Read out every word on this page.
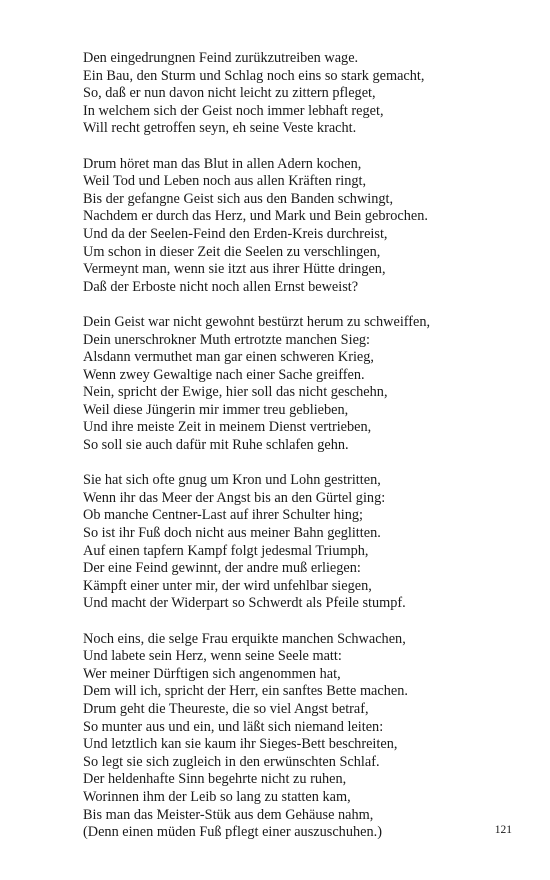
Den eingedrungnen Feind zurükzutreiben wage.
Ein Bau, den Sturm und Schlag noch eins so stark gemacht,
So, daß er nun davon nicht leicht zu zittern pfleget,
In welchem sich der Geist noch immer lebhaft reget,
Will recht getroffen seyn, eh seine Veste kracht.
Drum höret man das Blut in allen Adern kochen,
Weil Tod und Leben noch aus allen Kräften ringt,
Bis der gefangne Geist sich aus den Banden schwingt,
Nachdem er durch das Herz, und Mark und Bein gebrochen.
Und da der Seelen-Feind den Erden-Kreis durchreist,
Um schon in dieser Zeit die Seelen zu verschlingen,
Vermeynt man, wenn sie itzt aus ihrer Hütte dringen,
Daß der Erboste nicht noch allen Ernst beweist?
Dein Geist war nicht gewohnt bestürzt herum zu schweiffen,
Dein unerschrokner Muth ertrotzte manchen Sieg:
Alsdann vermuthet man gar einen schweren Krieg,
Wenn zwey Gewaltige nach einer Sache greiffen.
Nein, spricht der Ewige, hier soll das nicht geschehn,
Weil diese Jüngerin mir immer treu geblieben,
Und ihre meiste Zeit in meinem Dienst vertrieben,
So soll sie auch dafür mit Ruhe schlafen gehn.
Sie hat sich ofte gnug um Kron und Lohn gestritten,
Wenn ihr das Meer der Angst bis an den Gürtel ging:
Ob manche Centner-Last auf ihrer Schulter hing;
So ist ihr Fuß doch nicht aus meiner Bahn geglitten.
Auf einen tapfern Kampf folgt jedesmal Triumph,
Der eine Feind gewinnt, der andre muß erliegen:
Kämpft einer unter mir, der wird unfehlbar siegen,
Und macht der Widerpart so Schwerdt als Pfeile stumpf.
Noch eins, die selge Frau erquikte manchen Schwachen,
Und labete sein Herz, wenn seine Seele matt:
Wer meiner Dürftigen sich angenommen hat,
Dem will ich, spricht der Herr, ein sanftes Bette machen.
Drum geht die Theureste, die so viel Angst betraf,
So munter aus und ein, und läßt sich niemand leiten:
Und letztlich kan sie kaum ihr Sieges-Bett beschreiten,
So legt sie sich zugleich in den erwünschten Schlaf.
Der heldenhafte Sinn begehrte nicht zu ruhen,
Worinnen ihm der Leib so lang zu statten kam,
Bis man das Meister-Stük aus dem Gehäuse nahm,
(Denn einen müden Fuß pflegt einer auszuschuhen.)	121
